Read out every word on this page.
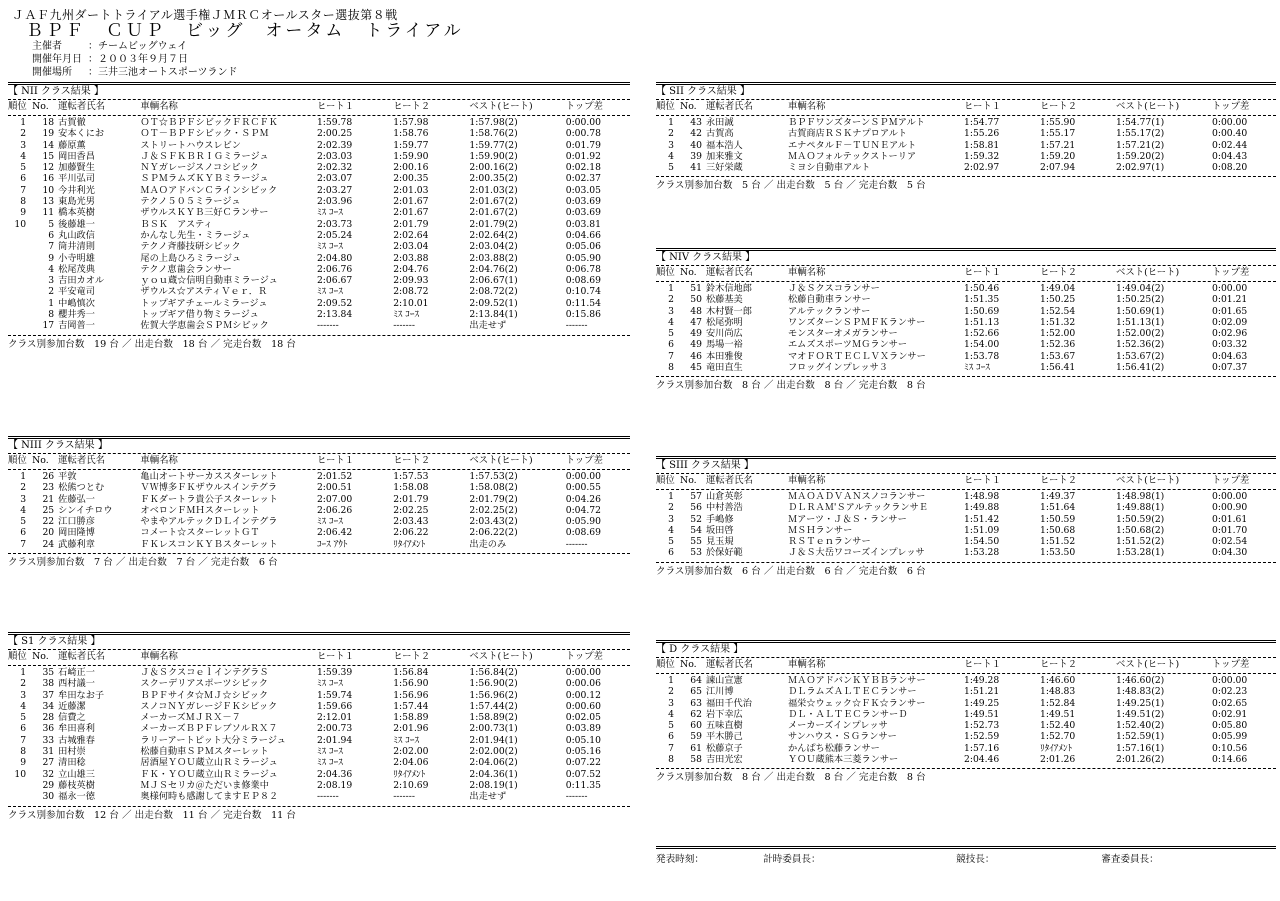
ＪＡＦ九州ダートトライアル選手権ＪＭＲＣオールスター選抜第８戦
ＢＰＦ　ＣＵＰ　ビッグ　オータム　トライアル
主催者	：チームビッグウェイ
開催年月日 ：２００３年９月７日
開催場所 ：三井三池オートスポーツランド
【 NII クラス結果 】
順位	No.	運転者氏名	車輌名称	ヒート１	ヒート２	ベスト(ヒート)	トップ差

1	18	古賀徹	ＯＴ☆ＢＰＦシビックＦＲＣＦＫ	1:59.78	1:57.98	1:57.98(2)	0:00.00
2	19	安本くにお	ＯＴ－ＢＰＦシビック・ＳＰＭ	2:00.25	1:58.76	1:58.76(2)	0:00.78
3	14	藤原薫	ストリートハウスレビン	2:02.39	1:59.77	1:59.77(2)	0:01.79
4	15	岡田香昌	Ｊ＆ＳＦＫＢＲＩＧミラージュ	2:03.03	1:59.90	1:59.90(2)	0:01.92
5	12	加藤賢生	ＮＹガレージスノコシビック	2:02.32	2:00.16	2:00.16(2)	0:02.18
6	16	平川弘司	ＳＰＭラムズＫＹＢミラージュ	2:03.07	2:00.35	2:00.35(2)	0:02.37
7	10	今井利光	ＭＡＯアドバンＣラインシビック	2:03.27	2:01.03	2:01.03(2)	0:03.05
8	13	東島光男	テクノ５０５ミラージュ	2:03.96	2:01.67	2:01.67(2)	0:03.69
9	11	橋本英樹	ザウルスＫＹＢ三好Ｃランサー	ﾐｽ ｺｰｽ	2:01.67	2:01.67(2)	0:03.69
10	5	後藤雄一	ＢＳＫ　アスティ	2:03.73	2:01.79	2:01.79(2)	0:03.81
	6	丸山政信	かんなし先生・ミラージュ	2:05.24	2:02.64	2:02.64(2)	0:04.66
	7	筒井清則	テクノ斉藤技研シビック	ﾐｽ ｺｰｽ	2:03.04	2:03.04(2)	0:05.06
	9	小寺明雄	尾の上島ひろミラージュ	2:04.80	2:03.88	2:03.88(2)	0:05.90
	4	松尾茂典	テクノ恵歯会ランサー	2:06.76	2:04.76	2:04.76(2)	0:06.78
	3	吉田カオル	ｙｏｕ蔵☆信明自動車ミラージュ	2:06.67	2:09.93	2:06.67(1)	0:08.69
	2	平安竜司	ザウルス☆アスティＶｅｒ．Ｒ	ﾐｽ ｺｰｽ	2:08.72	2:08.72(2)	0:10.74
	1	中嶋慎次	トップギアチェールミラージュ	2:09.52	2:10.01	2:09.52(1)	0:11.54
	8	櫻井秀一	トップギア借り物ミラージュ	2:13.84	ﾐｽ ｺｰｽ	2:13.84(1)	0:15.86
	17	吉岡普一	佐賀大学恵歯会ＳＰＭシビック	-------	-------	出走せず	-------
クラス別参加台数　19 台 ／ 出走台数　18 台 ／ 完走台数　18 台
【 NIII クラス結果 】
順位	No.	運転者氏名	車輌名称	ヒート１	ヒート２	ベスト(ヒート)	トップ差

1	26	平敦	亀山オートサーカススターレット	2:01.52	1:57.53	1:57.53(2)	0:00.00
2	23	松熊つとむ	ＶＷ博多ＦＫザウルスインテグラ	2:00.51	1:58.08	1:58.08(2)	0:00.55
3	21	佐藤弘一	ＦＫダートラ貴公子スターレット	2:07.00	2:01.79	2:01.79(2)	0:04.26
4	25	シンイチロウ	オベロンＦＭＨスターレット	2:06.26	2:02.25	2:02.25(2)	0:04.72
5	22	江口勝彦	やまやアルテックＤＬインテグラ	ﾐｽ ｺｰｽ	2:03.43	2:03.43(2)	0:05.90
6	20	岡田隆博	コメート☆スターレットＧＴ	2:06.42	2:06.22	2:06.22(2)	0:08.69
7	24	武藤利章	ＦＫレスコンＫＹＢスターレット	ｺｰｽ ｱｳﾄ	ﾘﾀｲｱﾒﾝﾄ	出走のみ	-------
クラス別参加台数　7 台 ／ 出走台数　7 台 ／ 完走台数　6 台
【 S1 クラス結果 】
順位	No.	運転者氏名	車輌名称	ヒート１	ヒート２	ベスト(ヒート)	トップ差

1	35	石崎正一	Ｊ＆ＳクスコｅｌインテグラＳ	1:59.39	1:56.84	1:56.84(2)	0:00.00
2	38	西村議一	スクーデリアスポーツシビック	ﾐｽ ｺｰｽ	1:56.90	1:56.90(2)	0:00.06
3	37	牟田なお子	ＢＰＦサイタ☆ＭＪ☆シビック	1:59.74	1:56.96	1:56.96(2)	0:00.12
4	34	近藤潔	スノコＮＹガレージＦＫシビック	1:59.66	1:57.44	1:57.44(2)	0:00.60
5	28	信費之	メーカーズＭＪＲＸ－７	2:12.01	1:58.89	1:58.89(2)	0:02.05
6	36	牟田喜利	メーカーズＢＰＦレブソルＲＸ７	2:00.73	2:01.96	2:00.73(1)	0:03.89
7	33	古城雅春	ラリーアートピット大分ミラージュ	2:01.94	ﾐｽ ｺｰｽ	2:01.94(1)	0:05.10
8	31	田村崇	松藤自動車ＳＰＭスターレット	ﾐｽ ｺｰｽ	2:02.00	2:02.00(2)	0:05.16
9	27	清田稔	居酒屋ＹＯＵ蔵立山Ｒミラージュ	ﾐｽ ｺｰｽ	2:04.06	2:04.06(2)	0:07.22
10	32	立山雄三	ＦＫ・ＹＯＵ蔵立山Ｒミラージュ	2:04.36	ﾘﾀｲｱﾒﾝﾄ	2:04.36(1)	0:07.52
	29	藤枝英樹	ＭＪＳセリカ＠ただいま修業中	2:08.19	2:10.69	2:08.19(1)	0:11.35
	30	福永一徳	奥様何時も感謝してますＥＰ８２	-------	-------	出走せず	-------
クラス別参加台数　12 台 ／ 出走台数　11 台 ／ 完走台数　11 台
【 SII クラス結果 】
順位	No.	運転者氏名	車輌名称	ヒート１	ヒート２	ベスト(ヒート)	トップ差

1	43	永田誠	ＢＰＦワンズターンＳＰＭアルト	1:54.77	1:55.90	1:54.77(1)	0:00.00
2	42	古賀高	古賀商店ＲＳＫナプロアルト	1:55.26	1:55.17	1:55.17(2)	0:00.40
3	40	福本浩人	エナペタルＦ－ＴＵＮＥアルト	1:58.81	1:57.21	1:57.21(2)	0:02.44
4	39	加来雅文	ＭＡＯフォルテックストーリア	1:59.32	1:59.20	1:59.20(2)	0:04.43
5	41	三好栄蔵	ミヨシ自動車アルト	2:02.97	2:07.94	2:02.97(1)	0:08.20
クラス別参加台数　5 台 ／ 出走台数　5 台 ／ 完走台数　5 台
【 NIV クラス結果 】
順位	No.	運転者氏名	車輌名称	ヒート１	ヒート２	ベスト(ヒート)	トップ差

1	51	鈴木信地郎	Ｊ＆Ｓクスコランサー	1:50.46	1:49.04	1:49.04(2)	0:00.00
2	50	松藤基美	松藤自動車ランサー	1:51.35	1:50.25	1:50.25(2)	0:01.21
3	48	木村賢一郎	アルテックランサー	1:50.69	1:52.54	1:50.69(1)	0:01.65
4	47	松尾弥明	ワンズターンＳＰＭＦＫランサー	1:51.13	1:51.32	1:51.13(1)	0:02.09
5	49	安川尚広	モンスターオメガランサー	1:52.66	1:52.00	1:52.00(2)	0:02.96
6	49	馬場一裕	エムズスポーツＭＧランサー	1:54.00	1:52.36	1:52.36(2)	0:03.32
7	46	本田雅俊	マオＦＯＲＴＥＣＬＶＸランサー	1:53.78	1:53.67	1:53.67(2)	0:04.63
8	45	竜田直生	フロッグインプレッサ３	ﾐｽ ｺｰｽ	1:56.41	1:56.41(2)	0:07.37
クラス別参加台数　8 台 ／ 出走台数　8 台 ／ 完走台数　8 台
【 SIII クラス結果 】
順位	No.	運転者氏名	車輌名称	ヒート１	ヒート２	ベスト(ヒート)	トップ差

1	57	山倉英彰	ＭＡＯＡＤＶＡＮスノコランサー	1:48.98	1:49.37	1:48.98(1)	0:00.00
2	56	中村善浩	ＤＬＲＡＭ'ＳアルテックランサＥ	1:49.88	1:51.64	1:49.88(1)	0:00.90
3	52	手嶋修	Ｍアーツ・Ｊ＆Ｓ・ランサー	1:51.42	1:50.59	1:50.59(2)	0:01.61
4	54	坂田啓	ＭＳＨランサー	1:51.09	1:50.68	1:50.68(2)	0:01.70
5	55	見玉規	ＲＳＴｅｎランサー	1:54.50	1:51.52	1:51.52(2)	0:02.54
6	53	於保好範	Ｊ＆Ｓ大岳ワコーズインプレッサ	1:53.28	1:53.50	1:53.28(1)	0:04.30
クラス別参加台数　6 台 ／ 出走台数　6 台 ／ 完走台数　6 台
【 D クラス結果 】
順位	No.	運転者氏名	車輌名称	ヒート１	ヒート２	ベスト(ヒート)	トップ差

1	64	諫山宣憲	ＭＡＯアドバンＫＹＢＢランサー	1:49.28	1:46.60	1:46.60(2)	0:00.00
2	65	江川博	ＤＬラムズＡＬＴＥＣランサー	1:51.21	1:48.83	1:48.83(2)	0:02.23
3	63	福田千代治	福栄☆ウェック☆ＦＫ☆ランサー	1:49.25	1:52.84	1:49.25(1)	0:02.65
4	62	岩下幸広	ＤＬ・ＡＬＴＥＣランサーＤ	1:49.51	1:49.51	1:49.51(2)	0:02.91
5	60	五味直樹	メーカーズインプレッサ	1:52.73	1:52.40	1:52.40(2)	0:05.80
6	59	平木勝己	サンハウス・ＳＧランサー	1:52.59	1:52.70	1:52.59(1)	0:05.99
7	61	松藤京子	かんぱち松藤ランサー	1:57.16	ﾘﾀｲｱﾒﾝﾄ	1:57.16(1)	0:10.56
8	58	吉田光宏	ＹＯＵ蔵熊本三菱ランサー	2:04.46	2:01.26	2:01.26(2)	0:14.66
クラス別参加台数　8 台 ／ 出走台数　8 台 ／ 完走台数　8 台
発表時刻：	計時委員長：	競技長：	審査委員長：
